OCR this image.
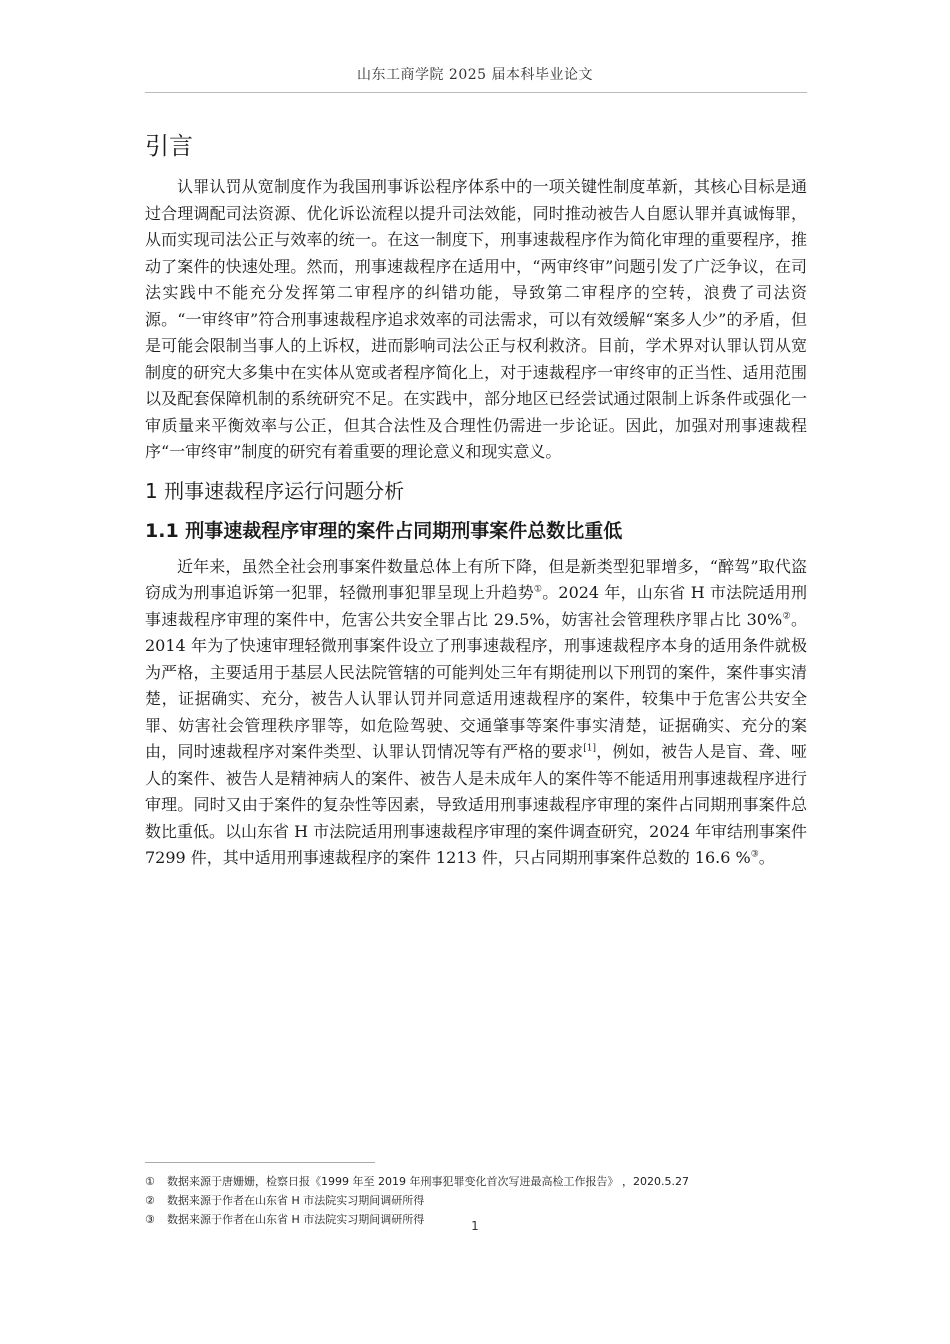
山东工商学院 2025 届本科毕业论文
引言

认罪认罚从宽制度作为我国刑事诉讼程序体系中的一项关键性制度革新，其核心目标是通过合理调配司法资源、优化诉讼流程以提升司法效能，同时推动被告人自愿认罪并真诚悔罪，从而实现司法公正与效率的统一。在这一制度下，刑事速裁程序作为简化审理的重要程序，推动了案件的快速处理。然而，刑事速裁程序在适用中，“两审终审”问题引发了广泛争议，在司法实践中不能充分发挥第二审程序的纠错功能，导致第二审程序的空转，浪费了司法资源。“一审终审”符合刑事速裁程序追求效率的司法需求，可以有效缓解“案多人少”的矛盾，但是可能会限制当事人的上诉权，进而影响司法公正与权利救济。目前，学术界对认罪认罚从宽制度的研究大多集中在实体从宽或者程序简化上，对于速裁程序一审终审的正当性、适用范围以及配套保障机制的系统研究不足。在实践中，部分地区已经尝试通过限制上诉条件或强化一审质量来平衡效率与公正，但其合法性及合理性仍需进一步论证。因此，加强对刑事速裁程序“一审终审”制度的研究有着重要的理论意义和现实意义。

1 刑事速裁程序运行问题分析
1.1 刑事速裁程序审理的案件占同期刑事案件总数比重低

近年来，虽然全社会刑事案件数量总体上有所下降，但是新类型犯罪增多，“醉驾”取代盗窃成为刑事追诉第一犯罪，轻微刑事犯罪呈现上升趋势①。2024 年，山东省 H 市法院适用刑事速裁程序审理的案件中，危害公共安全罪占比 29.5%，妨害社会管理秩序罪占比 30%②。2014 年为了快速审理轻微刑事案件设立了刑事速裁程序，刑事速裁程序本身的适用条件就极为严格，主要适用于基层人民法院管辖的可能判处三年有期徒刑以下刑罚的案件，案件事实清楚，证据确实、充分，被告人认罪认罚并同意适用速裁程序的案件，较集中于危害公共安全罪、妨害社会管理秩序罪等，如危险驾驶、交通肇事等案件事实清楚，证据确实、充分的案由，同时速裁程序对案件类型、认罪认罚情况等有严格的要求[1]，例如，被告人是盲、聋、哑人的案件、被告人是精神病人的案件、被告人是未成年人的案件等不能适用刑事速裁程序进行审理。同时又由于案件的复杂性等因素，导致适用刑事速裁程序审理的案件占同期刑事案件总数比重低。以山东省 H 市法院适用刑事速裁程序审理的案件调查研究，2024 年审结刑事案件 7299 件，其中适用刑事速裁程序的案件 1213 件，只占同期刑事案件总数的 16.6 %③。

① 数据来源于唐姗姗，检察日报《1999 年至 2019 年刑事犯罪变化首次写进最高检工作报告》 ，2020.5.27
② 数据来源于作者在山东省 H 市法院实习期间调研所得
③ 数据来源于作者在山东省 H 市法院实习期间调研所得	1
